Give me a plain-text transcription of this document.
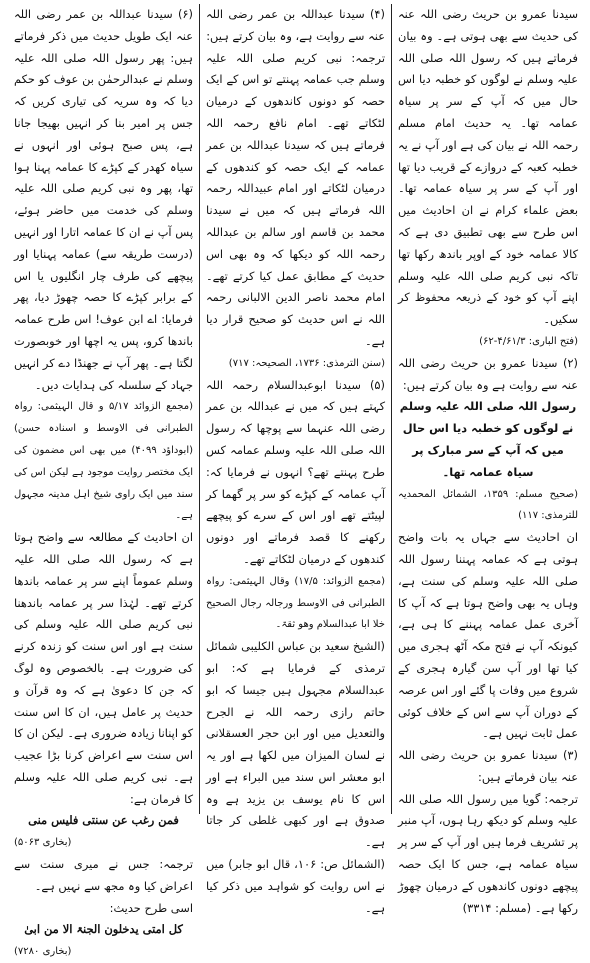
سیدنا عمرو بن حریث رضی اللہ عنہ کی حدیث سے بھی ہوتی ہے۔ وہ بیان فرماتے ہیں کہ رسول اللہ صلی اللہ علیہ وسلم نے لوگوں کو خطبہ دیا اس حال میں کہ آپ کے سر پر سیاہ عمامہ تھا۔ یہ حدیث امام مسلم رحمہ اللہ نے بیان کی ہے اور آپ نے یہ خطبہ کعبہ کے دروازے کے قریب دیا تھا اور آپ کے سر پر سیاہ عمامہ تھا۔ بعض علماء کرام نے ان احادیث میں اس طرح سے بھی تطبیق دی ہے کہ کالا عمامہ خود کے اوپر باندھ رکھا تھا تاکہ نبی کریم صلی اللہ علیہ وسلم اپنے آپ کو خود کے ذریعہ محفوظ کر سکیں۔

(فتح الباری: ۴/۶۱/۳-۶۲)

(۲) سیدنا عمرو بن حریث رضی اللہ عنہ سے روایت ہے وہ بیان کرتے ہیں:

رسول اللہ صلی اللہ علیہ وسلم نے لوگوں کو خطبہ دیا اس حال میں کہ آپ کے سر مبارک پر سیاہ عمامہ تھا۔

(صحیح مسلم: ۱۳۵۹، الشمائل المحمدیہ للترمذی: ۱۱۷)

ان احادیث سے جہاں یہ بات واضح ہوتی ہے کہ عمامہ پہننا رسول اللہ صلی اللہ علیہ وسلم کی سنت ہے، وہاں یہ بھی واضح ہوتا ہے کہ آپ کا آخری عمل عمامہ پہننے کا ہی ہے، کیونکہ آپ نے فتح مکہ آٹھ ہجری میں کیا تھا اور آپ سن گیارہ ہجری کے شروع میں وفات پا گئے اور اس عرصہ کے دوران آپ سے اس کے خلاف کوئی عمل ثابت نہیں ہے۔

(۳) سیدنا عمرو بن حریث رضی اللہ عنہ بیان فرماتے ہیں:

ترجمہ: گویا میں رسول اللہ صلی اللہ علیہ وسلم کو دیکھ رہا ہوں، آپ منبر پر تشریف فرما ہیں اور آپ کے سر پر سیاہ عمامہ ہے، جس کا ایک حصہ پیچھے دونوں کاندھوں کے درمیان چھوڑ رکھا ہے۔ (مسلم: ۳۳۱۴)

(۴) سیدنا عبداللہ بن عمر رضی اللہ عنہ سے روایت ہے، وہ بیان کرتے ہیں:

ترجمہ: نبی کریم صلی اللہ علیہ وسلم جب عمامہ پہنتے تو اس کے ایک حصہ کو دونوں کاندھوں کے درمیان لٹکاتے تھے۔ امام نافع رحمہ اللہ فرماتے ہیں کہ سیدنا عبداللہ بن عمر عمامہ کے ایک حصہ کو کندھوں کے درمیان لٹکاتے اور امام عبیداللہ رحمہ اللہ فرماتے ہیں کہ میں نے سیدنا محمد بن قاسم اور سالم بن عبداللہ رحمہ اللہ کو دیکھا کہ وہ بھی اس حدیث کے مطابق عمل کیا کرتے تھے۔ امام محمد ناصر الدین الالبانی رحمہ اللہ نے اس حدیث کو صحیح قرار دیا ہے۔

(سنن الترمذی: ۱۷۳۶، الصحیحہ: ۷۱۷)

(۵) سیدنا ابوعبدالسلام رحمہ اللہ کہتے ہیں کہ میں نے عبداللہ بن عمر رضی اللہ عنہما سے پوچھا کہ رسول اللہ صلی اللہ علیہ وسلم عمامہ کس طرح پہنتے تھے؟ انہوں نے فرمایا کہ: آپ عمامہ کے کپڑے کو سر پر گھما کر لپیٹتے تھے اور اس کے سرے کو پیچھے رکھنے کا قصد فرماتے اور دونوں کندھوں کے درمیان لٹکاتے تھے۔

(مجمع الزوائد: ۱۷/۵) وقال الہیثمی: رواہ الطبرانی فی الاوسط ورجالہ رجال الصحیح خلا ابا عبدالسلام وھو ثقۃ۔

(الشیخ سعید بن عباس الکلیبی شمائل ترمذی کے فرمایا ہے کہ: ابو عبدالسلام مجہول ہیں جیسا کہ ابو حاتم رازی رحمہ اللہ نے الجرح والتعدیل میں اور ابن حجر العسقلانی نے لسان المیزان میں لکھا ہے اور یہ ابو معشر اس سند میں البراء ہے اور اس کا نام یوسف بن یزید ہے وہ صدوق ہے اور کبھی غلطی کر جاتا ہے۔

(الشمائل ص: ۱۰۶، قال ابو جابر) میں نے اس روایت کو شواہد میں ذکر کیا ہے۔

(۶) سیدنا عبداللہ بن عمر رضی اللہ عنہ ایک طویل حدیث میں ذکر فرماتے ہیں: پھر رسول اللہ صلی اللہ علیہ وسلم نے عبدالرحمٰن بن عوف کو حکم دیا کہ وہ سریہ کی تیاری کریں کہ جس پر امیر بنا کر انہیں بھیجا جانا ہے، پس صبح ہوئی اور انہوں نے سیاہ کھدر کے کپڑے کا عمامہ پہنا ہوا تھا، پھر وہ نبی کریم صلی اللہ علیہ وسلم کی خدمت میں حاضر ہوئے، پس آپ نے ان کا عمامہ اتارا اور انہیں (درست طریقہ سے) عمامہ پہنایا اور پیچھے کی طرف چار انگلیوں یا اس کے برابر کپڑے کا حصہ چھوڑ دیا، پھر فرمایا: اے ابن عوف! اس طرح عمامہ باندھا کرو، پس یہ اچھا اور خوبصورت لگتا ہے۔ پھر آپ نے جھنڈا دے کر انہیں جہاد کے سلسلہ کی ہدایات دیں۔

(مجمع الزوائد ۵/۱۷ و قال الہیثمی: رواہ الطبرانی فی الاوسط و اسنادہ حسن) (ابوداؤد ۴۰۹۹) میں بھی اس مضمون کی ایک مختصر روایت موجود ہے لیکن اس کی سند میں ایک راوی شیخ اہل مدینہ مجہول ہے۔

ان احادیث کے مطالعہ سے واضح ہوتا ہے کہ رسول اللہ صلی اللہ علیہ وسلم عموماً اپنے سر پر عمامہ باندھا کرتے تھے۔ لہٰذا سر پر عمامہ باندھنا نبی کریم صلی اللہ علیہ وسلم کی سنت ہے اور اس سنت کو زندہ کرنے کی ضرورت ہے۔ بالخصوص وہ لوگ کہ جن کا دعویٰ ہے کہ وہ قرآن و حدیث پر عامل ہیں، ان کا اس سنت کو اپنانا زیادہ ضروری ہے۔ لیکن ان کا اس سنت سے اعراض کرنا بڑا عجیب ہے۔ نبی کریم صلی اللہ علیہ وسلم کا فرمان ہے:

فمن رغب عن سنتی فلیس منی

(بخاری ۵۰۶۳)

ترجمہ: جس نے میری سنت سے اعراض کیا وہ مجھ سے نہیں ہے۔

اسی طرح حدیث:

کل امتی یدخلون الجنۃ الا من ابیٰ

(بخاری ۷۲۸۰)
